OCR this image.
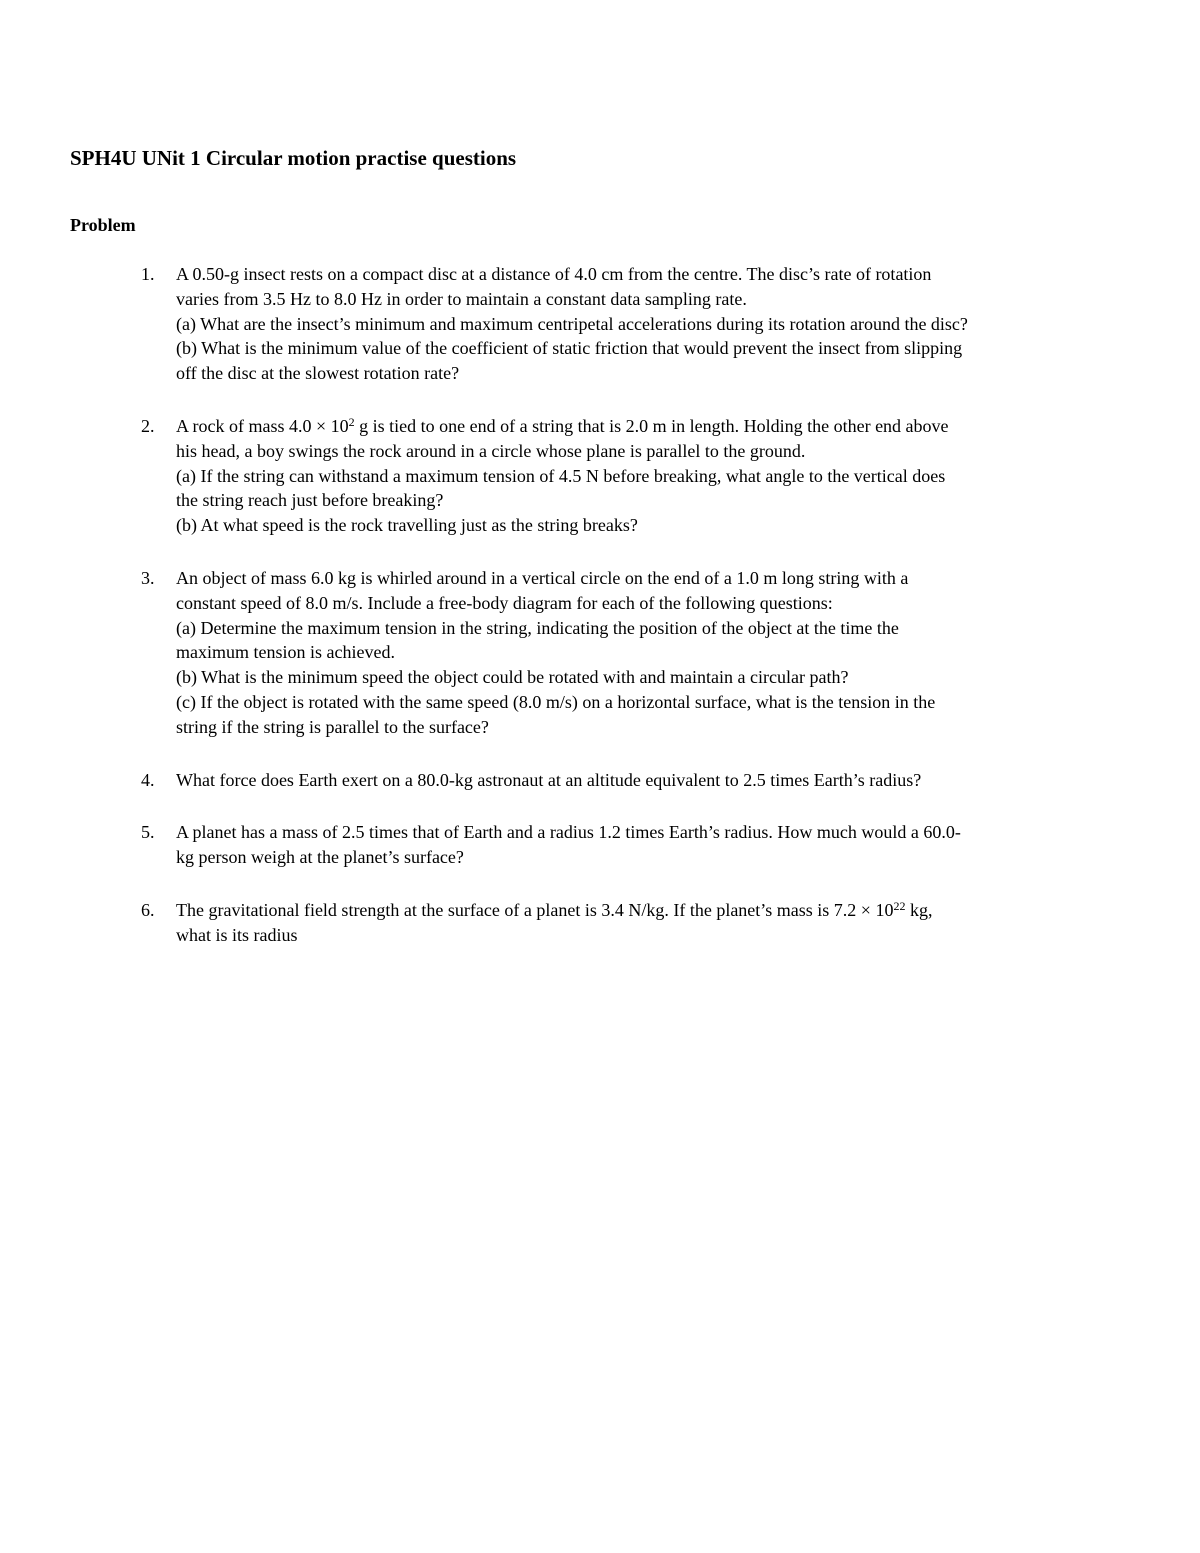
SPH4U UNit 1 Circular motion practise questions
Problem
1.	A 0.50-g insect rests on a compact disc at a distance of 4.0 cm from the centre. The disc’s rate of rotation
varies from 3.5 Hz to 8.0 Hz in order to maintain a constant data sampling rate.
(a) What are the insect’s minimum and maximum centripetal accelerations during its rotation around the disc?
(b) What is the minimum value of the coefficient of static friction that would prevent the insect from slipping
off the disc at the slowest rotation rate?
2.	A rock of mass $4.0 \times 10^2$ g is tied to one end of a string that is 2.0 m in length. Holding the other end above
his head, a boy swings the rock around in a circle whose plane is parallel to the ground.
(a) If the string can withstand a maximum tension of 4.5 N before breaking, what angle to the vertical does
the string reach just before breaking?
(b) At what speed is the rock travelling just as the string breaks?
3.	An object of mass 6.0 kg is whirled around in a vertical circle on the end of a 1.0 m long string with a
constant speed of 8.0 m/s. Include a free-body diagram for each of the following questions:
(a) Determine the maximum tension in the string, indicating the position of the object at the time the
maximum tension is achieved.
(b) What is the minimum speed the object could be rotated with and maintain a circular path?
(c) If the object is rotated with the same speed (8.0 m/s) on a horizontal surface, what is the tension in the
string if the string is parallel to the surface?
4.	What force does Earth exert on a 80.0-kg astronaut at an altitude equivalent to 2.5 times Earth’s radius?
5.	A planet has a mass of 2.5 times that of Earth and a radius 1.2 times Earth’s radius. How much would a 60.0-
kg person weigh at the planet’s surface?
6.	The gravitational field strength at the surface of a planet is 3.4 N/kg. If the planet’s mass is $7.2 \times 10^{22}$ kg,
what is its radius
